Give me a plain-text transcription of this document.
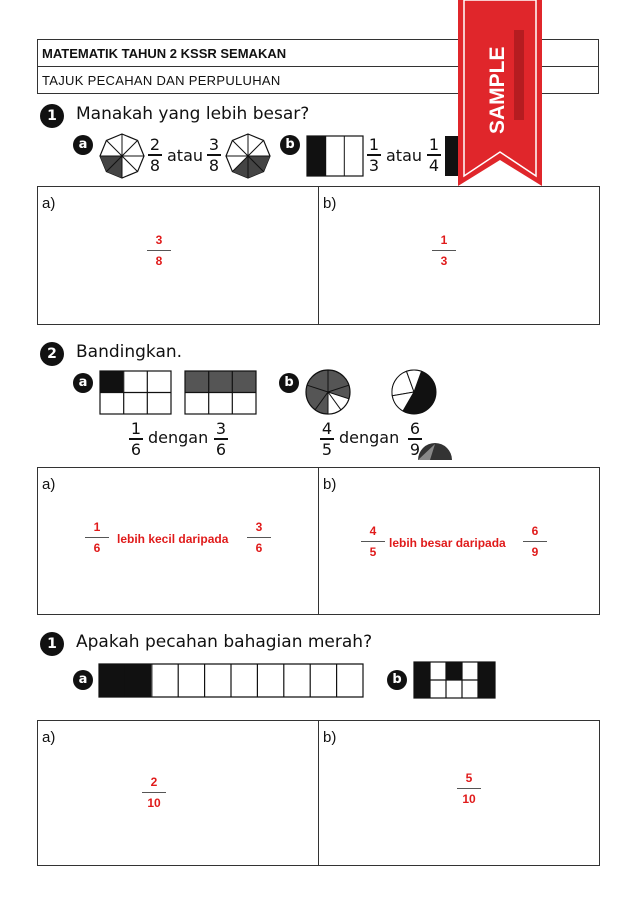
MATEMATIK TAHUN 2 KSSR SEMAKAN
TAJUK PECAHAN DAN PERPULUHAN	SAMPLE
1	Manakah yang lebih besar?
a	2
8 atau
3
8
b	1
3 atau
1
4
a)
3
8
b)
1
3
2	Bandingkan.
a
1
6
dengan 3
6
b
4
5
dengan 6
9
a)
1
6
lebih kecil daripada
3
6
b)
4
5
lebih besar daripada
6
9
1	Apakah pecahan bahagian merah?
a	b
a)
2
10
b)
5
10
